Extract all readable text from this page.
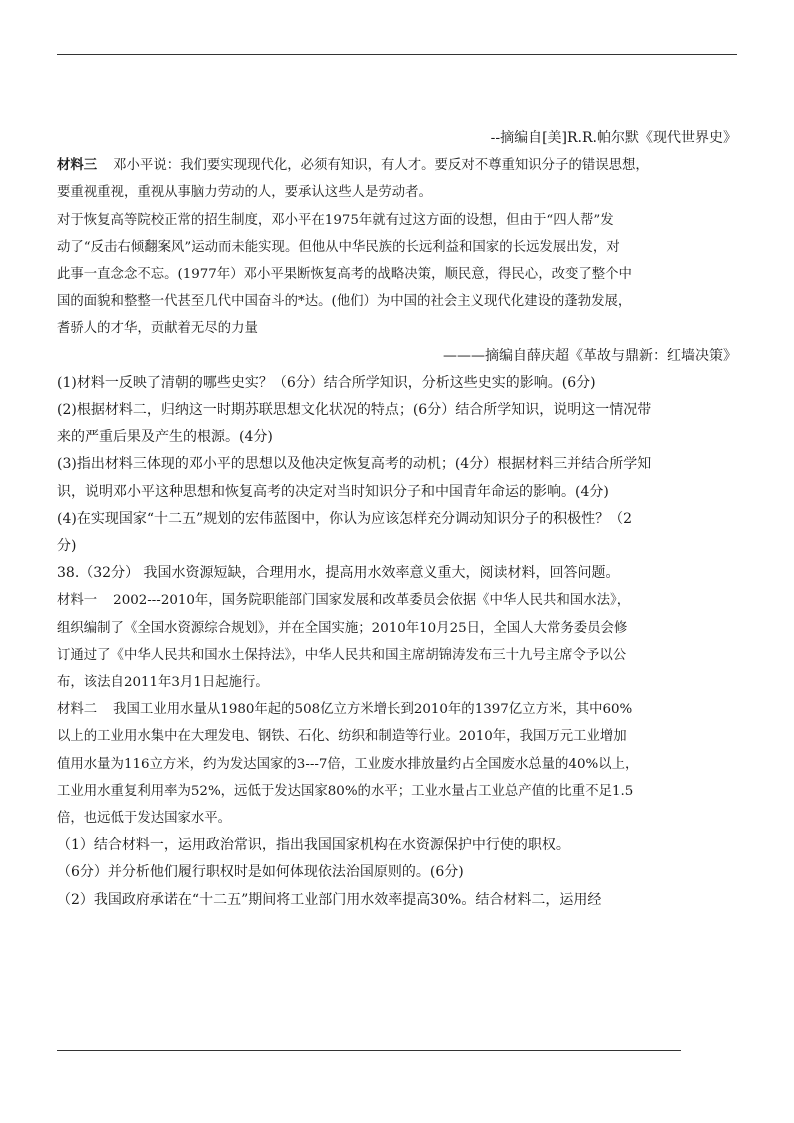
--摘编自[美]R.R.帕尔默《现代世界史》

材料三 邓小平说：我们要实现现代化，必须有知识，有人才。要反对不尊重知识分子的错误思想，

要重视重视，重视从事脑力劳动的人，要承认这些人是劳动者。

对于恢复高等院校正常的招生制度，邓小平在1975年就有过这方面的设想，但由于“四人帮”发

动了“反击右倾翻案风”运动而未能实现。但他从中华民族的长远利益和国家的长远发展出发，对

此事一直念念不忘。(1977年）邓小平果断恢复高考的战略决策，顺民意，得民心，改变了整个中

国的面貌和整整一代甚至几代中国奋斗的*达。(他们）为中国的社会主义现代化建设的蓬勃发展，

耆骄人的才华，贡献着无尽的力量

———摘编自薛庆超《革故与鼎新：红墙决策》

(1)材料一反映了清朝的哪些史实？（6分）结合所学知识，分析这些史实的影响。(6分)

(2)根据材料二，归纳这一时期苏联思想文化状况的特点；(6分）结合所学知识，说明这一情况带

来的严重后果及产生的根源。(4分)

(3)指出材料三体现的邓小平的思想以及他决定恢复高考的动机；(4分）根据材料三并结合所学知

识，说明邓小平这种思想和恢复高考的决定对当时知识分子和中国青年命运的影响。(4分)

(4)在实现国家“十二五”规划的宏伟蓝图中，你认为应该怎样充分调动知识分子的积极性？（2

分)

38.（32分） 我国水资源短缺，合理用水，提高用水效率意义重大，阅读材料，回答问题。

材料一 2002---2010年，国务院职能部门国家发展和改革委员会依据《中华人民共和国水法》，

组织编制了《全国水资源综合规划》，并在全国实施；2010年10月25日，全国人大常务委员会修

订通过了《中华人民共和国水土保持法》，中华人民共和国主席胡锦涛发布三十九号主席令予以公

布，该法自2011年3月1日起施行。

材料二 我国工业用水量从1980年起的508亿立方米增长到2010年的1397亿立方米，其中60%

以上的工业用水集中在大理发电、钢铁、石化、纺织和制造等行业。2010年，我国万元工业增加

值用水量为116立方米，约为发达国家的3---7倍，工业废水排放量约占全国废水总量的40%以上，

工业用水重复利用率为52%，远低于发达国家80%的水平；工业水量占工业总产值的比重不足1.5

倍，也远低于发达国家水平。

（1）结合材料一，运用政治常识，指出我国国家机构在水资源保护中行使的职权。

（6分）并分析他们履行职权时是如何体现依法治国原则的。(6分)

（2）我国政府承诺在“十二五”期间将工业部门用水效率提高30%。结合材料二，运用经
